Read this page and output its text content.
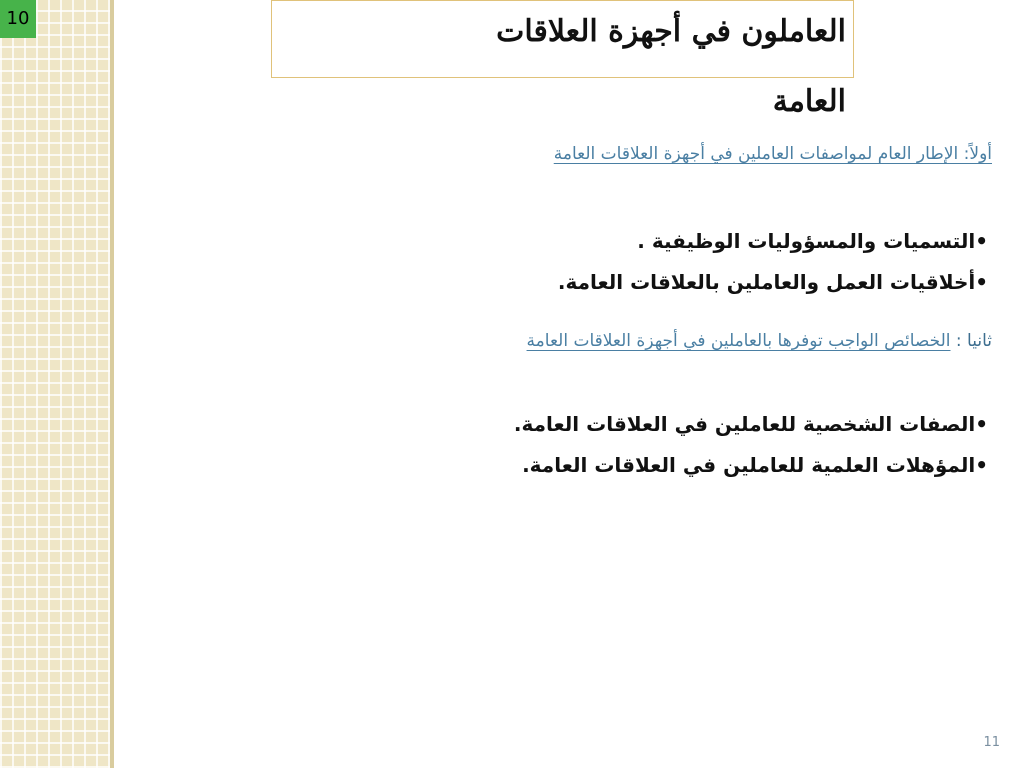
10	العاملون في أجهزة العلاقات
العامة
أولاً: الإطار العام لمواصفات العاملين في أجهزة العلاقات العامة
•التسميات والمسؤوليات الوظيفية .
•أخلاقيات العمل والعاملين بالعلاقات العامة.
ثانيا : الخصائص الواجب توفرها بالعاملين في أجهزة العلاقات العامة
•الصفات الشخصية للعاملين في العلاقات العامة.
•المؤهلات العلمية للعاملين في العلاقات العامة.
11
